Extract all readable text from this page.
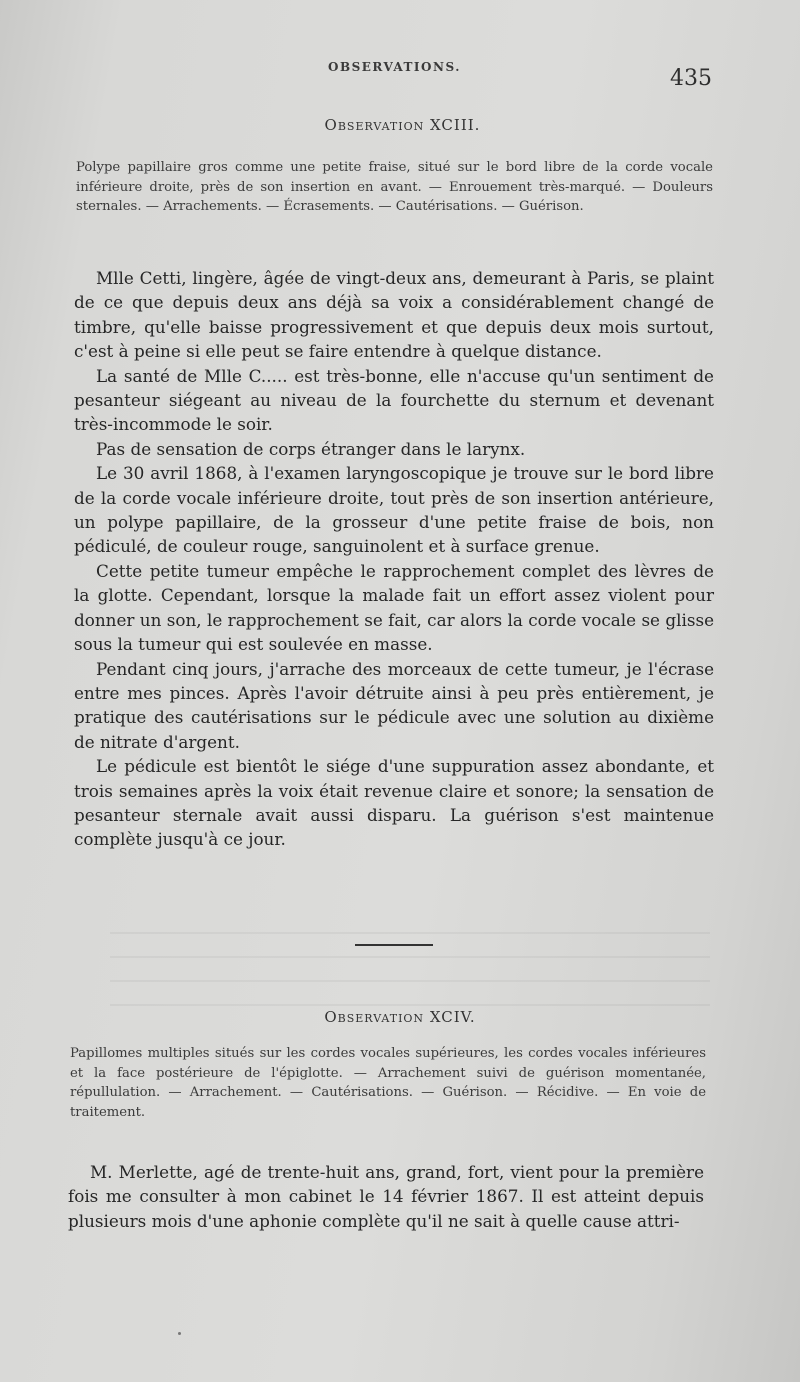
OBSERVATIONS.	435
Observation XCIII.

Polype papillaire gros comme une petite fraise, situé sur le bord libre de la corde vocale inférieure droite, près de son insertion en avant. — Enrouement très-marqué. — Douleurs sternales. — Arrachements. — Écrasements. — Cautérisations. — Guérison.

Mlle Cetti, lingère, âgée de vingt-deux ans, demeurant à Paris, se plaint de ce que depuis deux ans déjà sa voix a considérablement changé de timbre, qu'elle baisse progressivement et que depuis deux mois surtout, c'est à peine si elle peut se faire entendre à quelque distance.

La santé de Mlle C..... est très-bonne, elle n'accuse qu'un sentiment de pesanteur siégeant au niveau de la fourchette du sternum et devenant très-incommode le soir.

Pas de sensation de corps étranger dans le larynx.

Le 30 avril 1868, à l'examen laryngoscopique je trouve sur le bord libre de la corde vocale inférieure droite, tout près de son insertion antérieure, un polype papillaire, de la grosseur d'une petite fraise de bois, non pédiculé, de couleur rouge, sanguinolent et à surface grenue.

Cette petite tumeur empêche le rapprochement complet des lèvres de la glotte. Cependant, lorsque la malade fait un effort assez violent pour donner un son, le rapprochement se fait, car alors la corde vocale se glisse sous la tumeur qui est soulevée en masse.

Pendant cinq jours, j'arrache des morceaux de cette tumeur, je l'écrase entre mes pinces. Après l'avoir détruite ainsi à peu près entièrement, je pratique des cautérisations sur le pédicule avec une solution au dixième de nitrate d'argent.

Le pédicule est bientôt le siége d'une suppuration assez abondante, et trois semaines après la voix était revenue claire et sonore; la sensation de pesanteur sternale avait aussi disparu. La guérison s'est maintenue complète jusqu'à ce jour.

Observation XCIV.

Papillomes multiples situés sur les cordes vocales supérieures, les cordes vocales inférieures et la face postérieure de l'épiglotte. — Arrachement suivi de guérison momentanée, répullulation. — Arrachement. — Cautérisations. — Guérison. — Récidive. — En voie de traitement.

M. Merlette, agé de trente-huit ans, grand, fort, vient pour la première fois me consulter à mon cabinet le 14 février 1867. Il est atteint depuis plusieurs mois d'une aphonie complète qu'il ne sait à quelle cause attri-
